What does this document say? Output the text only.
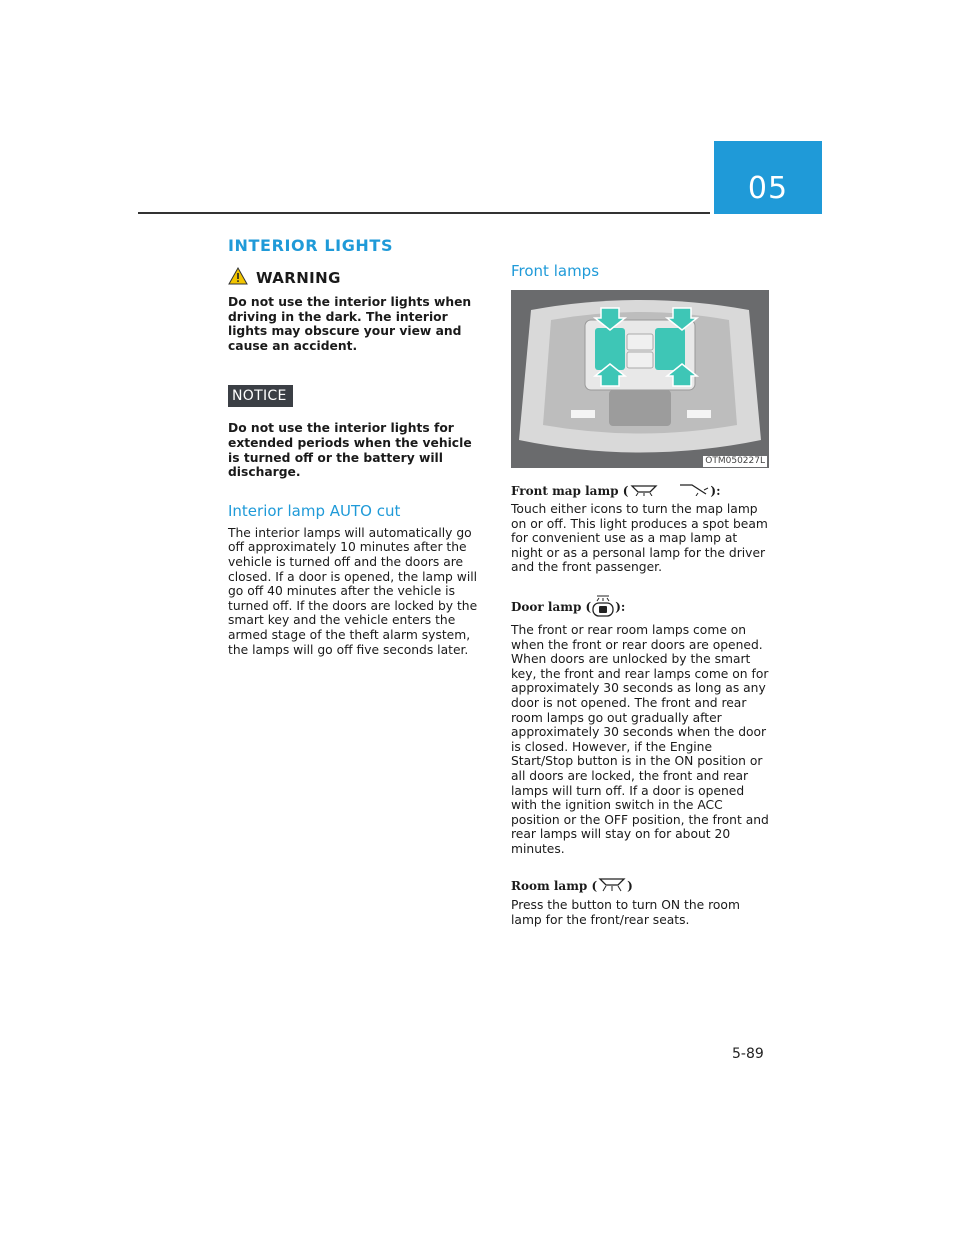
05
INTERIOR LIGHTS
WARNING

Do not use the interior lights when driving in the dark. The interior lights may obscure your view and cause an accident.

NOTICE

Do not use the interior lights for extended periods when the vehicle is turned off or the battery will discharge.

Interior lamp AUTO cut

The interior lamps will automatically go off approximately 10 minutes after the vehicle is turned off and the doors are closed. If a door is opened, the lamp will go off 40 minutes after the vehicle is turned off. If the doors are locked by the smart key and the vehicle enters the armed stage of the theft alarm system, the lamps will go off five seconds later.

Front lamps
OTM050227L
Front map lamp (	):

Touch either icons to turn the map lamp on or off. This light produces a spot beam for convenient use as a map lamp at night or as a personal lamp for the driver and the front passenger.

Door lamp ( ):

The front or rear room lamps come on when the front or rear doors are opened. When doors are unlocked by the smart key, the front and rear lamps come on for approximately 30 seconds as long as any door is not opened. The front and rear room lamps go out gradually after approximately 30 seconds when the door is closed. However, if the Engine Start/Stop button is in the ON position or all doors are locked, the front and rear lamps will turn off. If a door is opened with the ignition switch in the ACC position or the OFF position, the front and rear lamps will stay on for about 20 minutes.

Room lamp (	)

Press the button to turn ON the room lamp for the front/rear seats.

5-89
